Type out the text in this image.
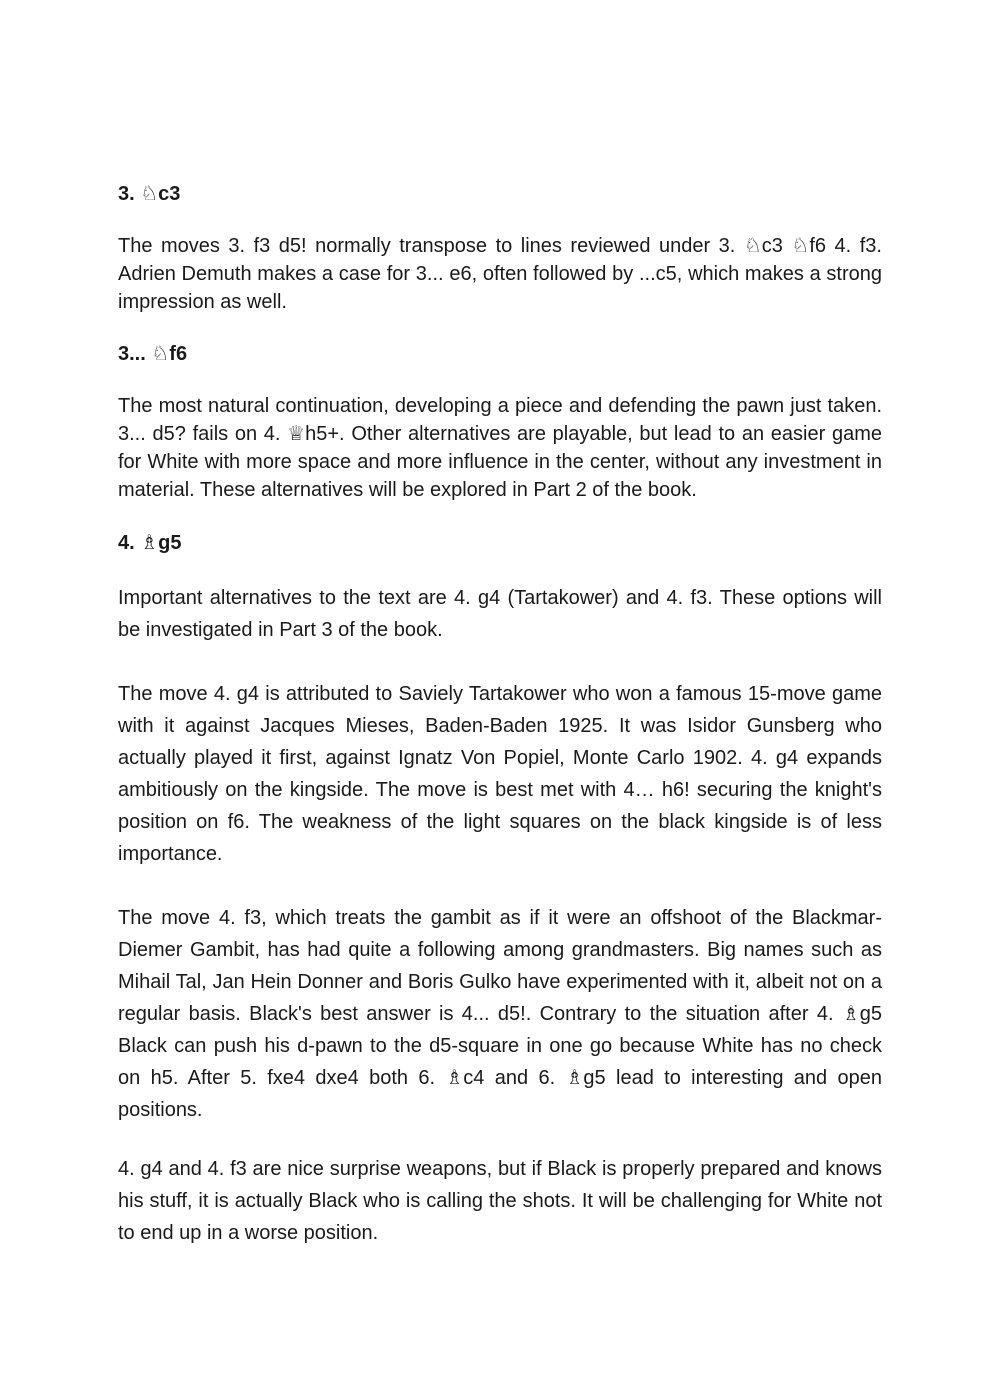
3. ♘c3

The moves 3. f3 d5! normally transpose to lines reviewed under 3. ♘c3 ♘f6 4. f3. Adrien Demuth makes a case for 3... e6, often followed by ...c5, which makes a strong impression as well.

3... ♘f6

The most natural continuation, developing a piece and defending the pawn just taken. 3... d5? fails on 4. ♕h5+. Other alternatives are playable, but lead to an easier game for White with more space and more influence in the center, without any investment in material. These alternatives will be explored in Part 2 of the book.

4. ♗g5

Important alternatives to the text are 4. g4 (Tartakower) and 4. f3. These options will be investigated in Part 3 of the book.

The move 4. g4 is attributed to Saviely Tartakower who won a famous 15-move game with it against Jacques Mieses, Baden-Baden 1925. It was Isidor Gunsberg who actually played it first, against Ignatz Von Popiel, Monte Carlo 1902. 4. g4 expands ambitiously on the kingside. The move is best met with 4… h6! securing the knight's position on f6. The weakness of the light squares on the black kingside is of less importance.

The move 4. f3, which treats the gambit as if it were an offshoot of the Blackmar-Diemer Gambit, has had quite a following among grandmasters. Big names such as Mihail Tal, Jan Hein Donner and Boris Gulko have experimented with it, albeit not on a regular basis. Black's best answer is 4... d5!. Contrary to the situation after 4. ♗g5 Black can push his d-pawn to the d5-square in one go because White has no check on h5. After 5. fxe4 dxe4 both 6. ♗c4 and 6. ♗g5 lead to interesting and open positions.

4. g4 and 4. f3 are nice surprise weapons, but if Black is properly prepared and knows his stuff, it is actually Black who is calling the shots. It will be challenging for White not to end up in a worse position.
